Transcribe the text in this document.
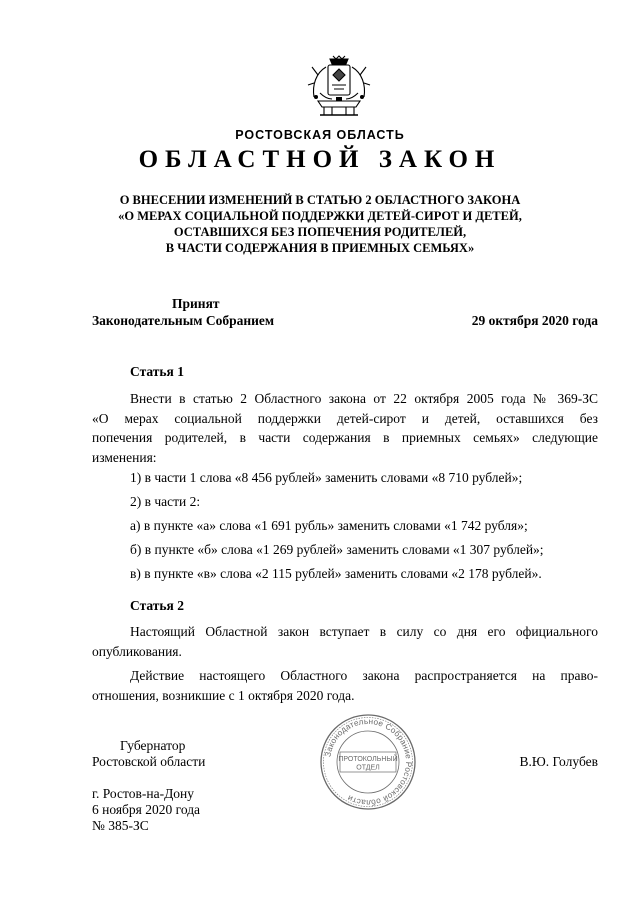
РОСТОВСКАЯ ОБЛАСТЬ
ОБЛАСТНОЙ ЗАКОН
О ВНЕСЕНИИ ИЗМЕНЕНИЙ В СТАТЬЮ 2 ОБЛАСТНОГО ЗАКОНА
«О МЕРАХ СОЦИАЛЬНОЙ ПОДДЕРЖКИ ДЕТЕЙ-СИРОТ И ДЕТЕЙ,
ОСТАВШИХСЯ БЕЗ ПОПЕЧЕНИЯ РОДИТЕЛЕЙ,
В ЧАСТИ СОДЕРЖАНИЯ В ПРИЕМНЫХ СЕМЬЯХ»
Принят
Законодательным Собранием	29 октября 2020 года
Статья 1
Внести в статью 2 Областного закона от 22 октября 2005 года № 369-ЗС
«О мерах социальной поддержки детей-сирот и детей, оставшихся без
попечения родителей, в части содержания в приемных семьях» следующие
изменения:
1) в части 1 слова «8 456 рублей» заменить словами «8 710 рублей»;
2) в части 2:
а) в пункте «а» слова «1 691 рубль» заменить словами «1 742 рубля»;
б) в пункте «б» слова «1 269 рублей» заменить словами «1 307 рублей»;
в) в пункте «в» слова «2 115 рублей» заменить словами «2 178 рублей».
Статья 2
Настоящий Областной закон вступает в силу со дня его официального
опубликования.
Действие настоящего Областного закона распространяется на право-
отношения, возникшие с 1 октября 2020 года.
Губернатор
Ростовской области	В.Ю. Голубев
Законодательное Собрание Ростовской области
ПРОТОКОЛЬНЫЙ
ОТДЕЛ
г. Ростов-на-Дону
6 ноября 2020 года
№ 385-ЗС
